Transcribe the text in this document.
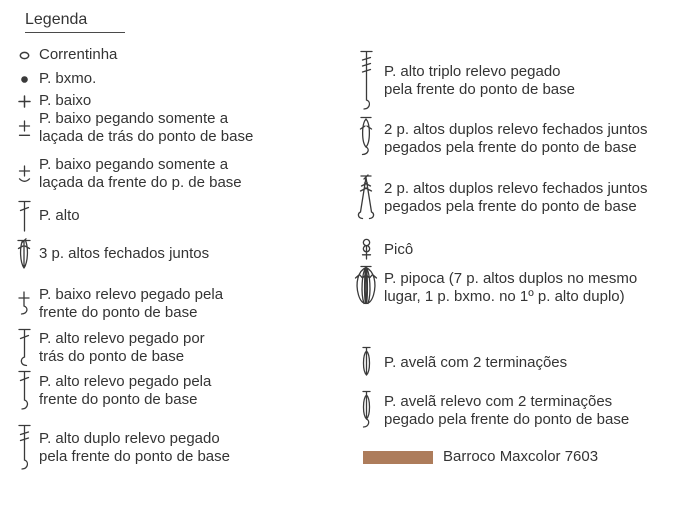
Legenda
Correntinha
P. bxmo.
P. baixo
P. baixo pegando somente a
laçada de trás do ponto de base
P. baixo pegando somente a
laçada da frente do p. de base
P. alto
3 p. altos fechados juntos
P. baixo relevo pegado pela
frente do ponto de base
P. alto relevo pegado por
trás do ponto de base
P. alto relevo pegado pela
frente do ponto de base
P. alto duplo relevo pegado
pela frente do ponto de base
P. alto triplo relevo pegado
pela frente do ponto de base
2 p. altos duplos relevo fechados juntos
pegados pela frente do ponto de base
2 p. altos duplos relevo fechados juntos
pegados pela frente do ponto de base
Picô
P. pipoca (7 p. altos duplos no mesmo
lugar, 1 p. bxmo. no 1º p. alto duplo)
P. avelã com 2 terminações
P. avelã relevo com 2 terminações
pegado pela frente do ponto de base
Barroco Maxcolor 7603
